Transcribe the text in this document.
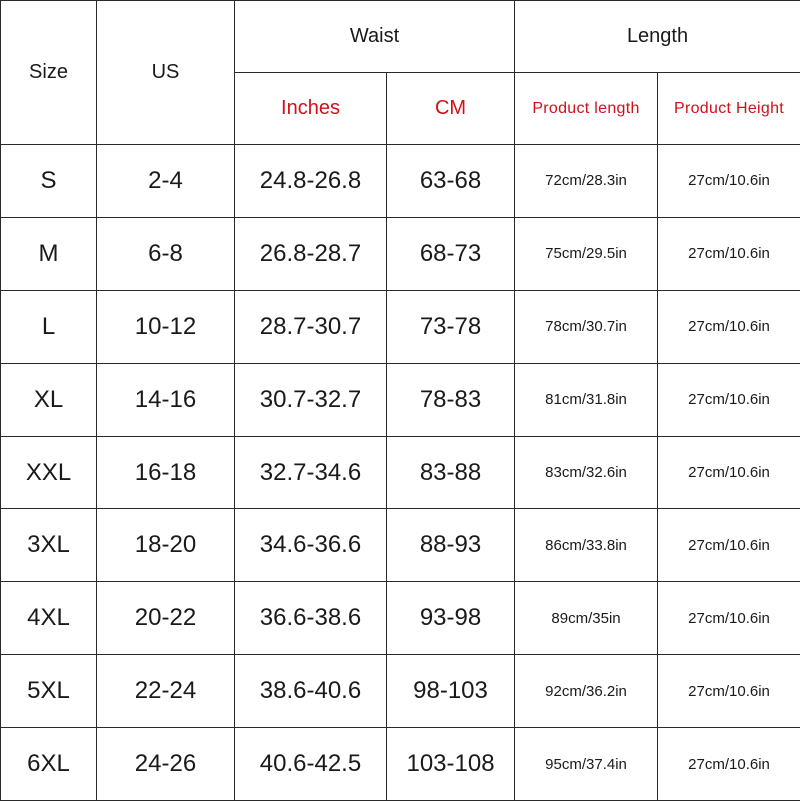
Size	US	Waist		Length	
		Inches	CM	Product length	Product Height
S	2-4	24.8-26.8	63-68	72cm/28.3in	27cm/10.6in
M	6-8	26.8-28.7	68-73	75cm/29.5in	27cm/10.6in
L	10-12	28.7-30.7	73-78	78cm/30.7in	27cm/10.6in
XL	14-16	30.7-32.7	78-83	81cm/31.8in	27cm/10.6in
XXL	16-18	32.7-34.6	83-88	83cm/32.6in	27cm/10.6in
3XL	18-20	34.6-36.6	88-93	86cm/33.8in	27cm/10.6in
4XL	20-22	36.6-38.6	93-98	89cm/35in	27cm/10.6in
5XL	22-24	38.6-40.6	98-103	92cm/36.2in	27cm/10.6in
6XL	24-26	40.6-42.5	103-108	95cm/37.4in	27cm/10.6in
